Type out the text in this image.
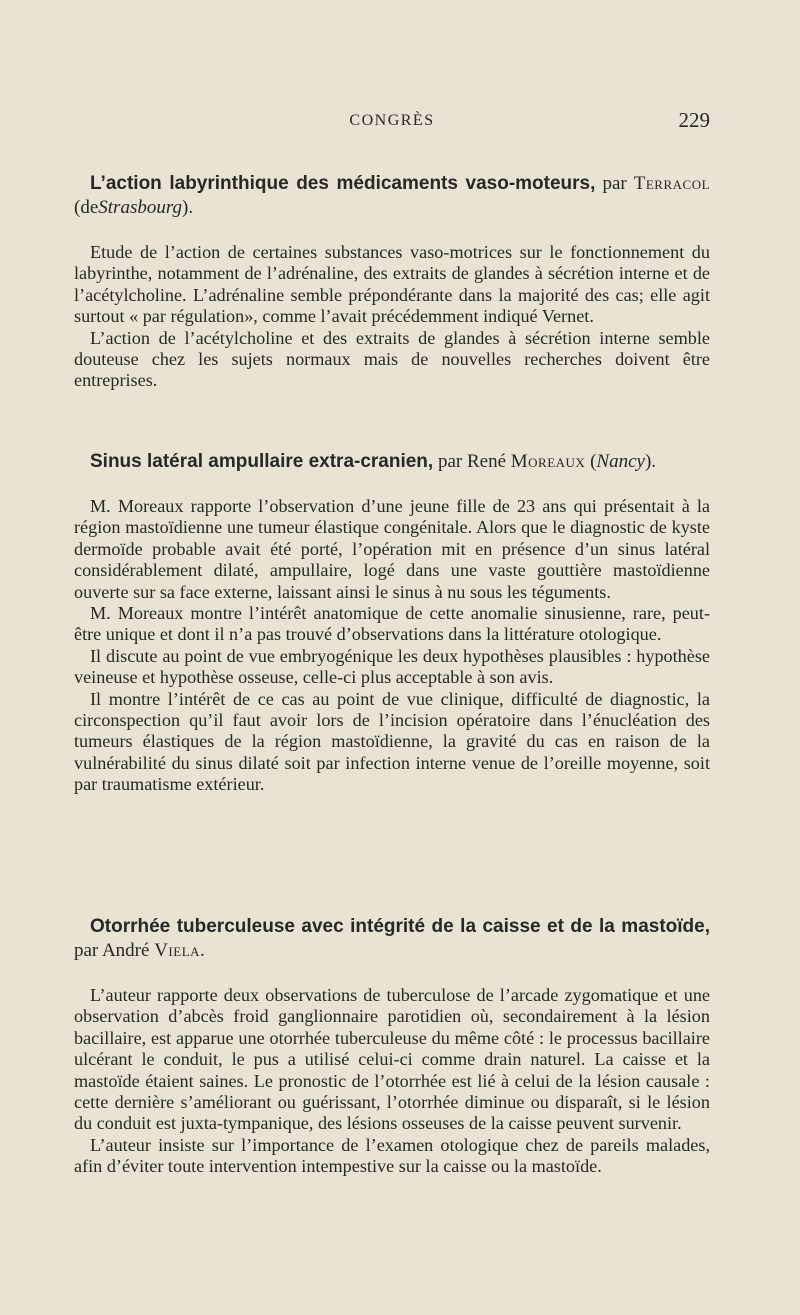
CONGRÈS	229
L’action labyrinthique des médicaments vaso-moteurs, par Terracol (deStrasbourg).

Etude de l’action de certaines substances vaso-motrices sur le fonctionnement du labyrinthe, notamment de l’adrénaline, des extraits de glandes à sécrétion interne et de l’acétylcholine. L’adrénaline semble prépondérante dans la majorité des cas; elle agit surtout « par régulation», comme l’avait précédemment indiqué Vernet.

L’action de l’acétylcholine et des extraits de glandes à sécrétion interne semble douteuse chez les sujets normaux mais de nouvelles recherches doivent être entreprises.

Sinus latéral ampullaire extra-cranien, par René Moreaux (Nancy).

M. Moreaux rapporte l’observation d’une jeune fille de 23 ans qui présentait à la région mastoïdienne une tumeur élastique congénitale. Alors que le diagnostic de kyste dermoïde probable avait été porté, l’opération mit en présence d’un sinus latéral considérablement dilaté, ampullaire, logé dans une vaste gouttière mastoïdienne ouverte sur sa face externe, laissant ainsi le sinus à nu sous les téguments.

M. Moreaux montre l’intérêt anatomique de cette anomalie sinusienne, rare, peut-être unique et dont il n’a pas trouvé d’observations dans la littérature otologique.

Il discute au point de vue embryogénique les deux hypothèses plausibles : hypothèse veineuse et hypothèse osseuse, celle-ci plus acceptable à son avis.

Il montre l’intérêt de ce cas au point de vue clinique, difficulté de diagnostic, la circonspection qu’il faut avoir lors de l’incision opératoire dans l’énucléation des tumeurs élastiques de la région mastoïdienne, la gravité du cas en raison de la vulnérabilité du sinus dilaté soit par infection interne venue de l’oreille moyenne, soit par traumatisme extérieur.

Otorrhée tuberculeuse avec intégrité de la caisse et de la mastoïde, par André Viela.

L’auteur rapporte deux observations de tuberculose de l’arcade zygomatique et une observation d’abcès froid ganglionnaire parotidien où, secondairement à la lésion bacillaire, est apparue une otorrhée tuberculeuse du même côté : le processus bacillaire ulcérant le conduit, le pus a utilisé celui-ci comme drain naturel. La caisse et la mastoïde étaient saines. Le pronostic de l’otorrhée est lié à celui de la lésion causale : cette dernière s’améliorant ou guérissant, l’otorrhée diminue ou disparaît, si le lésion du conduit est juxta-tympanique, des lésions osseuses de la caisse peuvent survenir.

L’auteur insiste sur l’importance de l’examen otologique chez de pareils malades, afin d’éviter toute intervention intempestive sur la caisse ou la mastoïde.
